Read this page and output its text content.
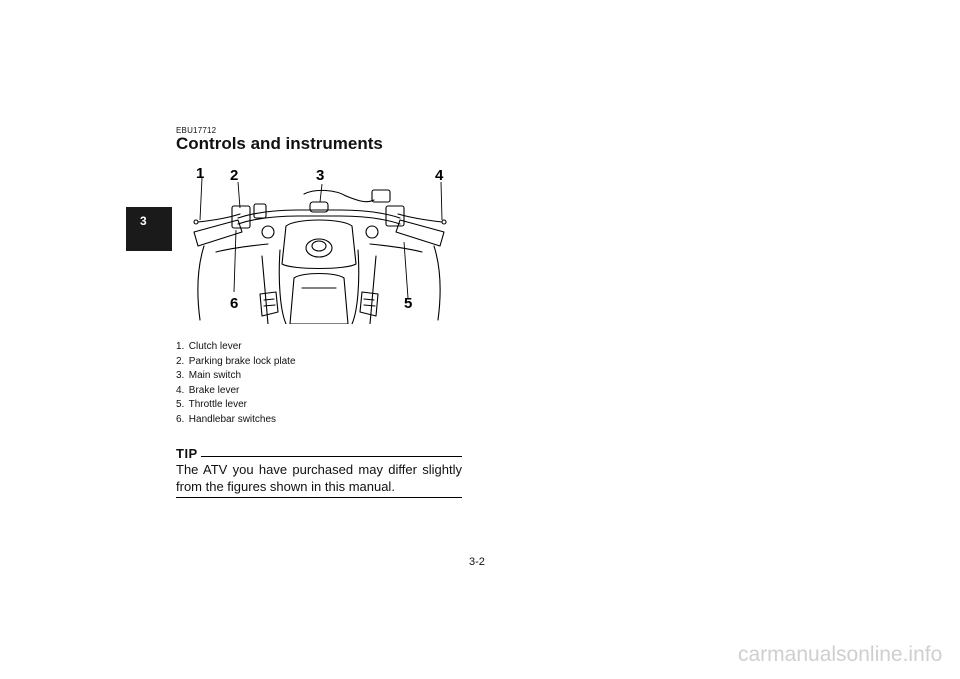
3
EBU17712
Controls and instruments
1 2	3	4
5
6
1. Clutch lever
2. Parking brake lock plate
3. Main switch
4. Brake lever
5. Throttle lever
6. Handlebar switches
TIP

The ATV you have purchased may differ slightly from the figures shown in this manual.

3-2
carmanualsonline.info
